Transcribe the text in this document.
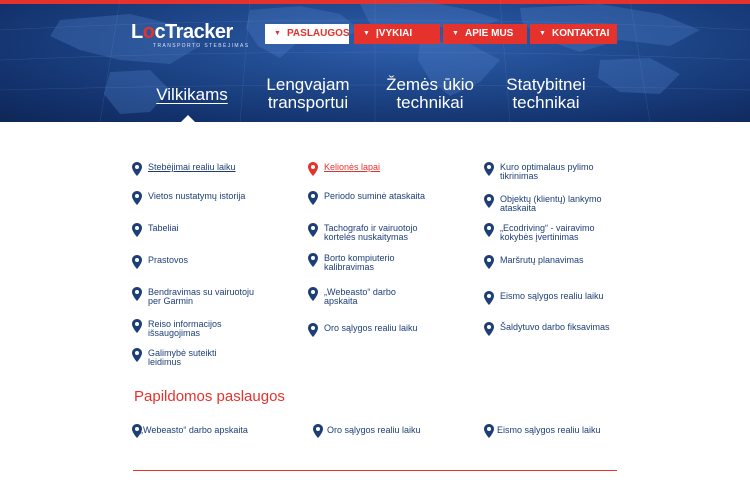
LocTracker
TRANSPORTO STEBĖJIMAS
▼ PASLAUGOS ▼ ĮVYKIAI	▼ APIE MUS	▼ KONTAKTAI
Vilkikams
Lengvajam
transportui
Žemės ūkio
technikai
Statybitnei
technikai
Stebėjimai realiu laiku
Vietos nustatymų istorija
Tabeliai
Prastovos
Bendravimas su vairuotoju
per Garmin
Reiso informacijos
išsaugojimas
Galimybė suteikti
leidimus
Kelionės lapai
Periodo suminė ataskaita
Tachografo ir vairuotojo
kortelės nuskaitymas
Borto kompiuterio
kalibravimas
„Webeasto“ darbo
apskaita
Oro sąlygos realiu laiku
Kuro optimalaus pylimo
tikrinimas
Objektų (klientų) lankymo
ataskaita
„Ecodriving“ - vairavimo
kokybės įvertinimas
Maršrutų planavimas
Eismo sąlygos realiu laiku
Šaldytuvo darbo fiksavimas
Papildomos paslaugos
„Webeasto“ darbo apskaita	Oro sąlygos realiu laiku	Eismo sąlygos realiu laiku
